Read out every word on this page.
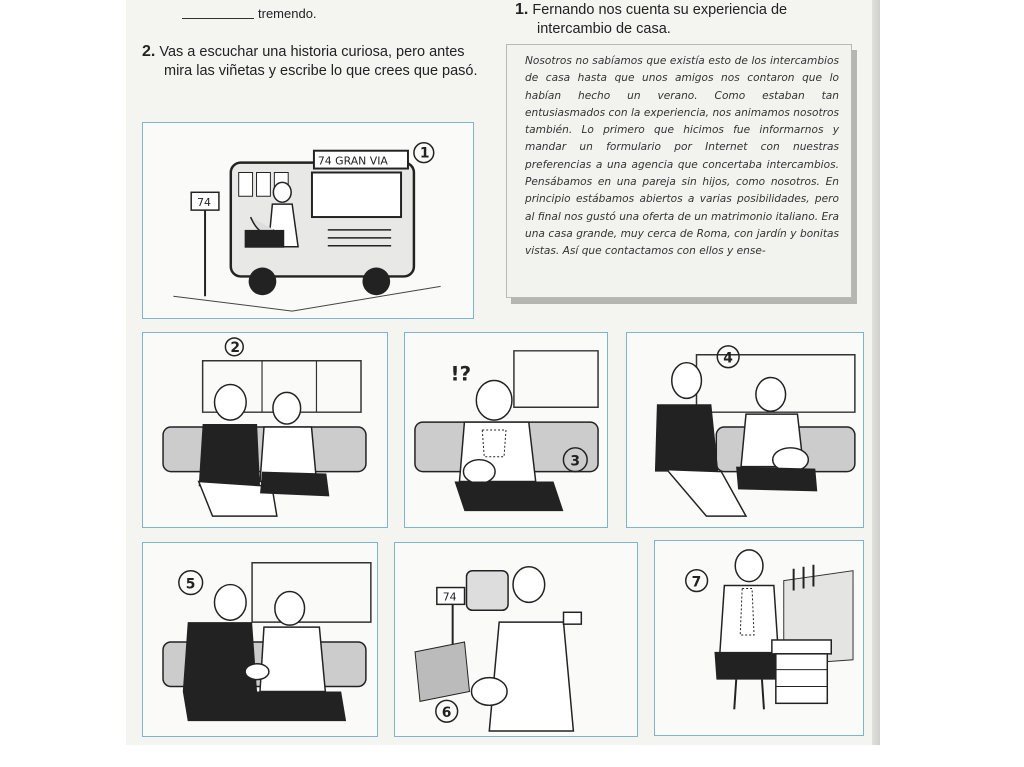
tremendo.
2. Vas a escuchar una historia curiosa, pero antes
mira las viñetas y escribe lo que crees que pasó.
1. Fernando nos cuenta su experiencia de
intercambio de casa.

Nosotros no sabíamos que existía esto de los intercambios de casa hasta que unos amigos nos contaron que lo habían hecho un verano. Como estaban tan entusiasmados con la experiencia, nos animamos nosotros también. Lo primero que hicimos fue informarnos y mandar un formulario por Internet con nuestras preferencias a una agencia que concertaba intercambios. Pensábamos en una pareja sin hijos, como nosotros. En principio estábamos abiertos a varias posibilidades, pero al final nos gustó una oferta de un matrimonio italiano. Era una casa grande, muy cerca de Roma, con jardín y bonitas vistas. Así que contactamos con ellos y ense-

74 GRAN VIA
74
1
2
!?
3
4
5
74
6
7
